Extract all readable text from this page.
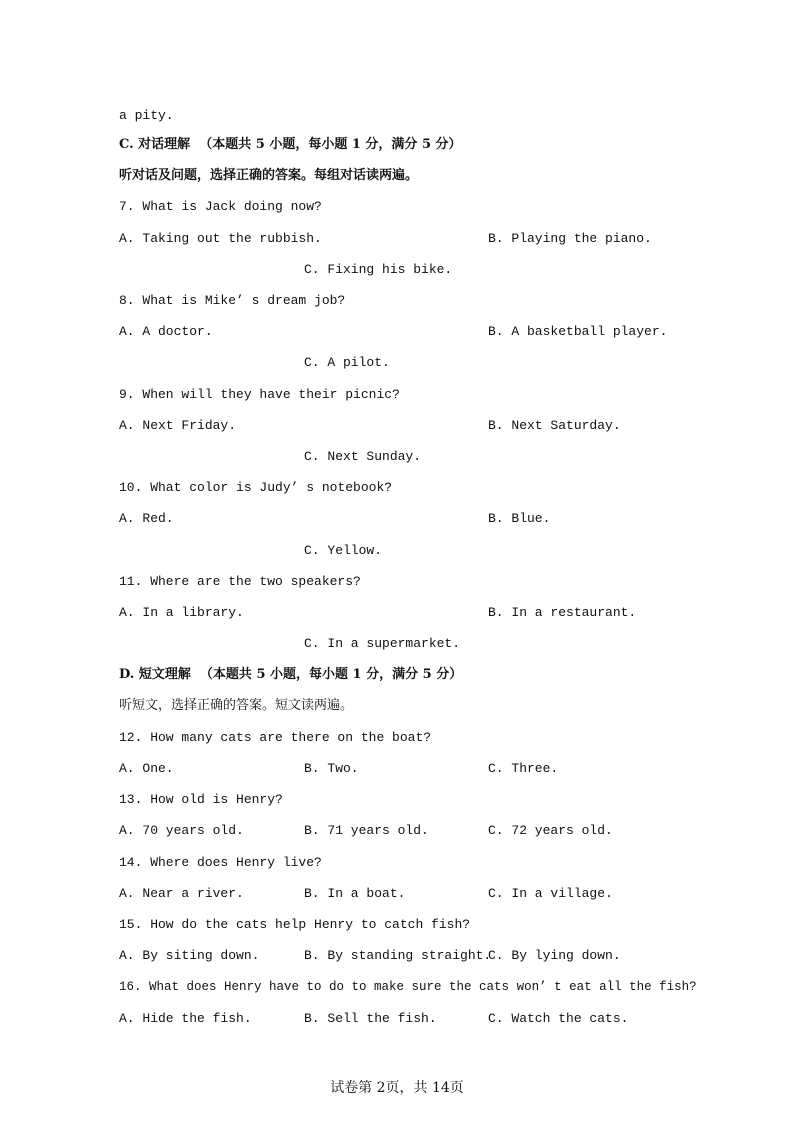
a pity.
C. 对话理解  （本题共 5 小题，每小题 1 分，满分 5 分）
听对话及问题，选择正确的答案。每组对话读两遍。
7. What is Jack doing now?
A. Taking out the rubbish.	B. Playing the piano.
C. Fixing his bike.
8. What is Mike’ s dream job?
A. A doctor.	B. A basketball player.
C. A pilot.
9. When will they have their picnic?
A. Next Friday.	B. Next Saturday.
C. Next Sunday.
10. What color is Judy’ s notebook?
A. Red.	B. Blue.
C. Yellow.
11. Where are the two speakers?
A. In a library.	B. In a restaurant.
C. In a supermarket.
D. 短文理解  （本题共 5 小题，每小题 1 分，满分 5 分）
听短文，选择正确的答案。短文读两遍。
12. How many cats are there on the boat?
A. One.	B. Two.	C. Three.
13. How old is Henry?
A. 70 years old.	B. 71 years old.	C. 72 years old.
14. Where does Henry live?
A. Near a river.	B. In a boat.	C. In a village.
15. How do the cats help Henry to catch fish?
A. By siting down.	B. By standing straight.
C. By lying down.
16. What does Henry have to do to make sure the cats won’ t eat all the fish?
A. Hide the fish.	B. Sell the fish.	C. Watch the cats.
试卷第 2页，共 14页
